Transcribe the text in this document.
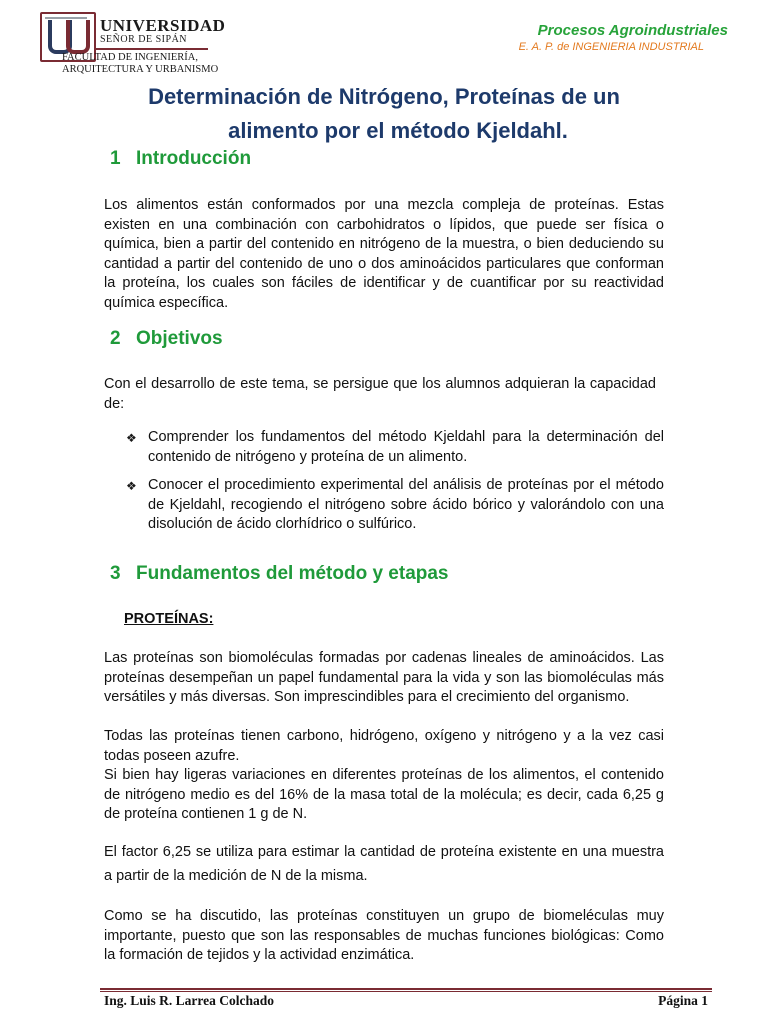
UNIVERSIDAD
SEÑOR DE SIPÁN
FACULTAD DE INGENIERÍA,
ARQUITECTURA Y URBANISMO
Procesos Agroindustriales
E. A. P. de INGENIERIA INDUSTRIAL
Determinación de Nitrógeno, Proteínas de un
alimento por el método Kjeldahl.
1 Introducción
Los alimentos están conformados por una mezcla compleja de proteínas. Estas existen en una combinación con carbohidratos o lípidos, que puede ser física o química, bien a partir del contenido en nitrógeno de la muestra, o bien deduciendo su cantidad a partir del contenido de uno o dos aminoácidos particulares que conforman la proteína, los cuales son fáciles de identificar y de cuantificar por su reactividad química específica.
2 Objetivos
Con el desarrollo de este tema, se persigue que los alumnos adquieran la capacidad de:
❖ Comprender los fundamentos del método Kjeldahl para la determinación del contenido de nitrógeno y proteína de un alimento.
❖ Conocer el procedimiento experimental del análisis de proteínas por el método de Kjeldahl, recogiendo el nitrógeno sobre ácido bórico y valorándolo con una disolución de ácido clorhídrico o sulfúrico.
3 Fundamentos del método y etapas
PROTEÍNAS:
Las proteínas son biomoléculas formadas por cadenas lineales de aminoácidos. Las proteínas desempeñan un papel fundamental para la vida y son las biomoléculas más versátiles y más diversas. Son imprescindibles para el crecimiento del organismo.
Todas las proteínas tienen carbono, hidrógeno, oxígeno y nitrógeno y a la vez casi todas poseen azufre.
Si bien hay ligeras variaciones en diferentes proteínas de los alimentos, el contenido de nitrógeno medio es del 16% de la masa total de la molécula; es decir, cada 6,25 g de proteína contienen 1 g de N.
El factor 6,25 se utiliza para estimar la cantidad de proteína existente en una muestra a partir de la medición de N de la misma.
Como se ha discutido, las proteínas constituyen un grupo de biomeléculas muy importante, puesto que son las responsables de muchas funciones biológicas: Como la formación de tejidos y la actividad enzimática.
Ing. Luis R. Larrea Colchado	Página 1
